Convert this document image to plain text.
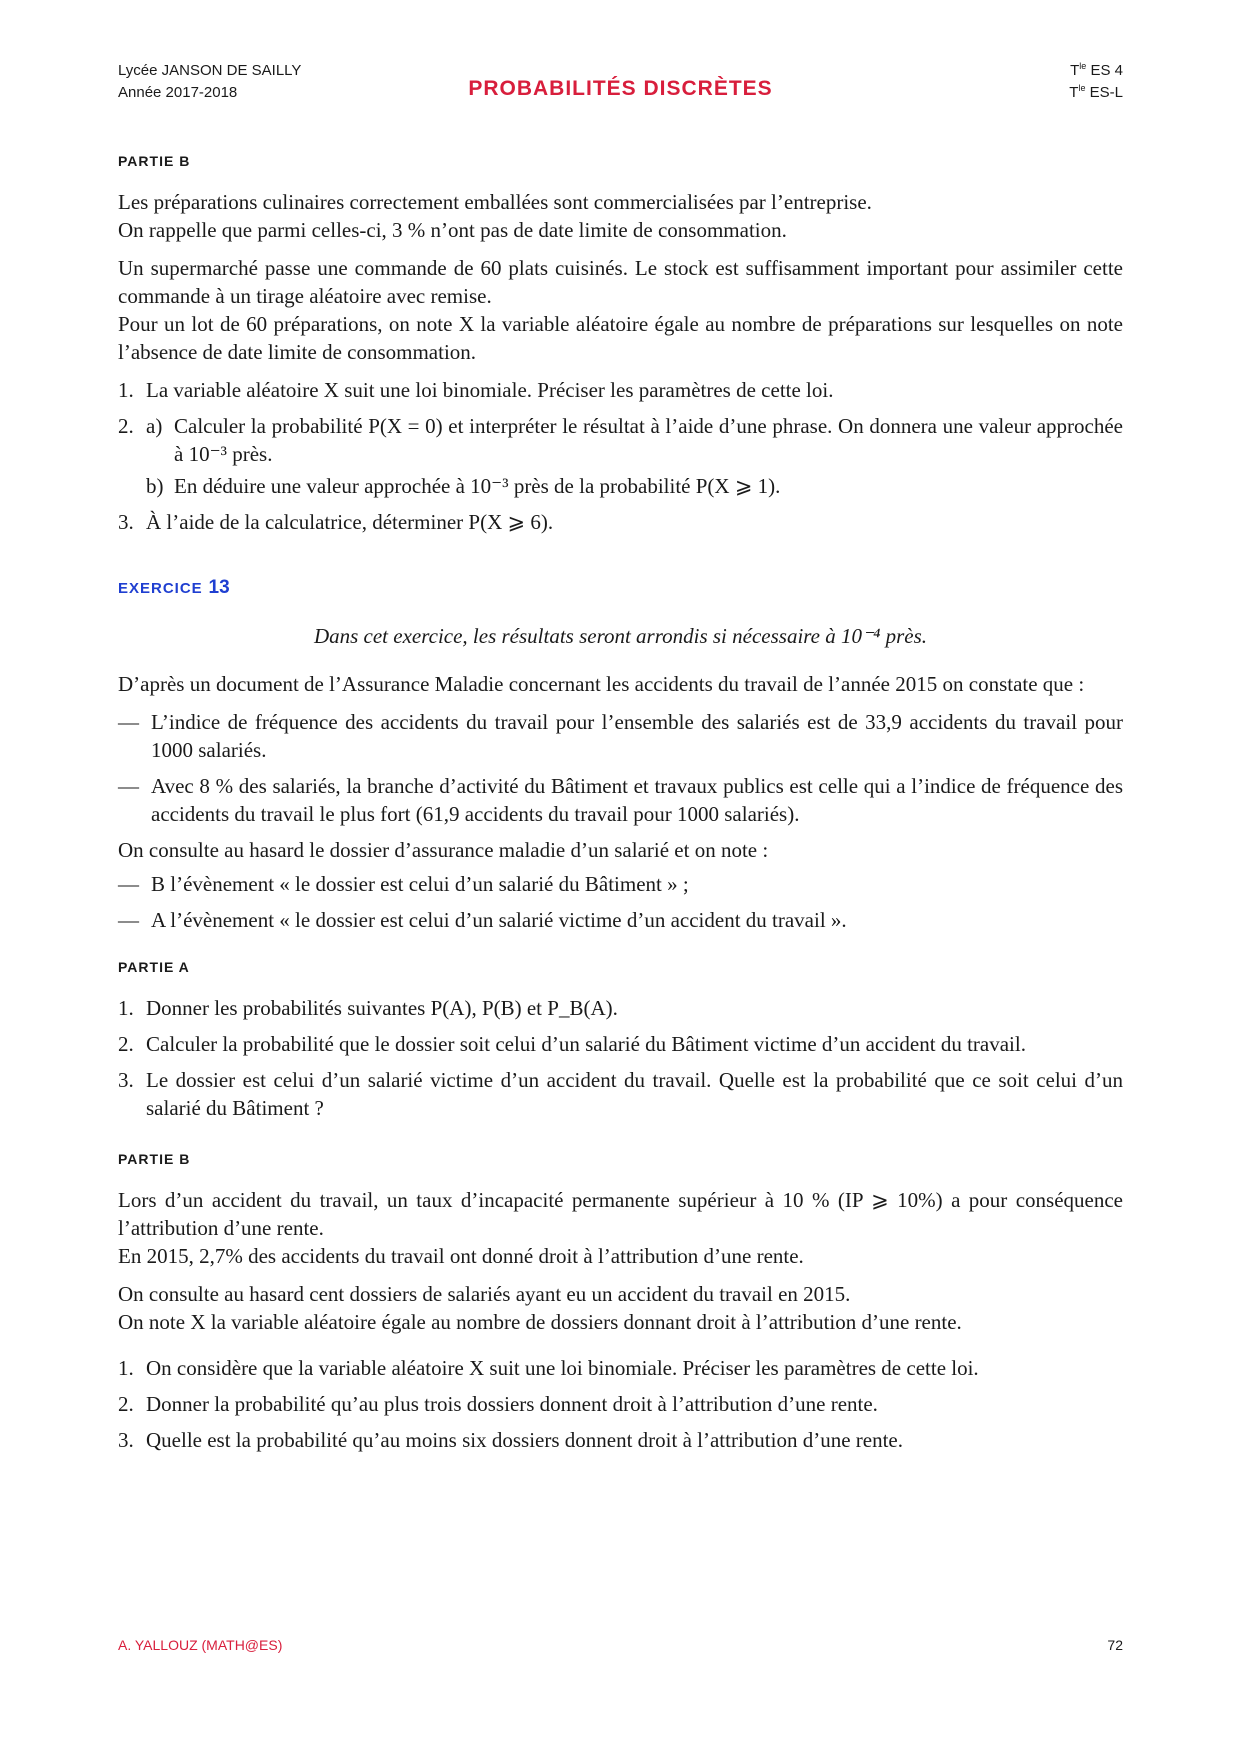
Lycée JANSON DE SAILLY
Année 2017-2018	PROBABILITÉS DISCRÈTES
$T^{le}$ ES 4
$T^{le}$ ES-L
PARTIE B

Les préparations culinaires correctement emballées sont commercialisées par l’entreprise.

On rappelle que parmi celles-ci, 3 % n’ont pas de date limite de consommation.

Un supermarché passe une commande de 60 plats cuisinés. Le stock est suffisamment important pour assimiler cette commande à un tirage aléatoire avec remise.

Pour un lot de 60 préparations, on note X la variable aléatoire égale au nombre de préparations sur lesquelles on note l’absence de date limite de consommation.

1. La variable aléatoire X suit une loi binomiale. Préciser les paramètres de cette loi.
2. a) Calculer la probabilité P(X = 0) et interpréter le résultat à l’aide d’une phrase. On donnera une valeur approchée à 10⁻³ près.
b) En déduire une valeur approchée à 10⁻³ près de la probabilité P(X ⩾ 1).
3. À l’aide de la calculatrice, déterminer P(X ⩾ 6).
EXERCICE 13
Dans cet exercice, les résultats seront arrondis si nécessaire à 10⁻⁴ près.

D’après un document de l’Assurance Maladie concernant les accidents du travail de l’année 2015 on constate que :

— L’indice de fréquence des accidents du travail pour l’ensemble des salariés est de 33,9 accidents du travail pour 1000 salariés.
— Avec 8 % des salariés, la branche d’activité du Bâtiment et travaux publics est celle qui a l’indice de fréquence des accidents du travail le plus fort (61,9 accidents du travail pour 1000 salariés).

On consulte au hasard le dossier d’assurance maladie d’un salarié et on note :

— B l’évènement « le dossier est celui d’un salarié du Bâtiment » ;
— A l’évènement « le dossier est celui d’un salarié victime d’un accident du travail ».
PARTIE A
1. Donner les probabilités suivantes P(A), P(B) et P_B(A).
2. Calculer la probabilité que le dossier soit celui d’un salarié du Bâtiment victime d’un accident du travail.
3. Le dossier est celui d’un salarié victime d’un accident du travail. Quelle est la probabilité que ce soit celui d’un salarié du Bâtiment ?
PARTIE B

Lors d’un accident du travail, un taux d’incapacité permanente supérieur à 10 % (IP ⩾ 10%) a pour conséquence l’attribution d’une rente.

En 2015, 2,7% des accidents du travail ont donné droit à l’attribution d’une rente.

On consulte au hasard cent dossiers de salariés ayant eu un accident du travail en 2015.

On note X la variable aléatoire égale au nombre de dossiers donnant droit à l’attribution d’une rente.

1. On considère que la variable aléatoire X suit une loi binomiale. Préciser les paramètres de cette loi.
2. Donner la probabilité qu’au plus trois dossiers donnent droit à l’attribution d’une rente.
3. Quelle est la probabilité qu’au moins six dossiers donnent droit à l’attribution d’une rente.
A. YALLOUZ (MATH@ES)	72
